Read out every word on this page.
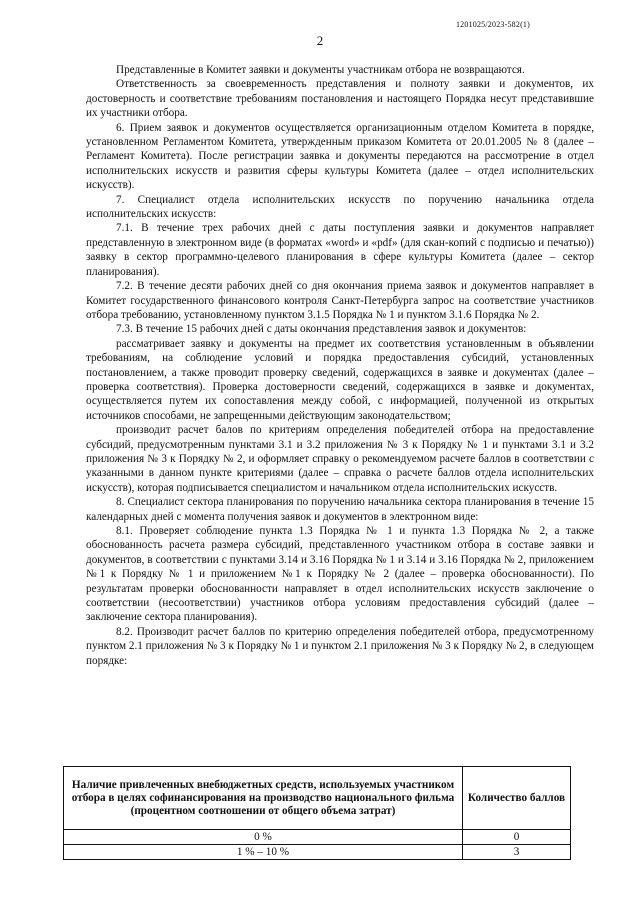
1201025/2023-582(1)
2

Представленные в Комитет заявки и документы участникам отбора не возвращаются.

Ответственность за своевременность представления и полноту заявки и документов, их достоверность и соответствие требованиям постановления и настоящего Порядка несут представившие их участники отбора.

6. Прием заявок и документов осуществляется организационным отделом Комитета в порядке, установленном Регламентом Комитета, утвержденным приказом Комитета от 20.01.2005 № 8 (далее – Регламент Комитета). После регистрации заявка и документы передаются на рассмотрение в отдел исполнительских искусств и развития сферы культуры Комитета (далее – отдел исполнительских искусств).

7. Специалист отдела исполнительских искусств по поручению начальника отдела исполнительских искусств:

7.1. В течение трех рабочих дней с даты поступления заявки и документов направляет представленную в электронном виде (в форматах «word» и «pdf» (для скан-копий с подписью и печатью)) заявку в сектор программно-целевого планирования в сфере культуры Комитета (далее – сектор планирования).

7.2. В течение десяти рабочих дней со дня окончания приема заявок и документов направляет в Комитет государственного финансового контроля Санкт-Петербурга запрос на соответствие участников отбора требованию, установленному пунктом 3.1.5 Порядка № 1 и пунктом 3.1.6 Порядка № 2.

7.3. В течение 15 рабочих дней с даты окончания представления заявок и документов:

рассматривает заявку и документы на предмет их соответствия установленным в объявлении требованиям, на соблюдение условий и порядка предоставления субсидий, установленных постановлением, а также проводит проверку сведений, содержащихся в заявке и документах (далее – проверка соответствия). Проверка достоверности сведений, содержащихся в заявке и документах, осуществляется путем их сопоставления между собой, с информацией, полученной из открытых источников способами, не запрещенными действующим законодательством;

производит расчет балов по критериям определения победителей отбора на предоставление субсидий, предусмотренным пунктами 3.1 и 3.2 приложения № 3 к Порядку № 1 и пунктами 3.1 и 3.2 приложения № 3 к Порядку № 2, и оформляет справку о рекомендуемом расчете баллов в соответствии с указанными в данном пункте критериями (далее – справка о расчете баллов отдела исполнительских искусств), которая подписывается специалистом и начальником отдела исполнительских искусств.

8. Специалист сектора планирования по поручению начальника сектора планирования в течение 15 календарных дней с момента получения заявок и документов в электронном виде:

8.1. Проверяет соблюдение пункта 1.3 Порядка № 1 и пункта 1.3 Порядка № 2, а также обоснованность расчета размера субсидий, представленного участником отбора в составе заявки и документов, в соответствии с пунктами 3.14 и 3.16 Порядка № 1 и 3.14 и 3.16 Порядка № 2, приложением №1 к Порядку № 1 и приложением №1 к Порядку № 2 (далее – проверка обоснованности). По результатам проверки обоснованности направляет в отдел исполнительских искусств заключение о соответствии (несоответствии) участников отбора условиям предоставления субсидий (далее – заключение сектора планирования).

8.2. Производит расчет баллов по критерию определения победителей отбора, предусмотренному пунктом 2.1 приложения № 3 к Порядку № 1 и пунктом 2.1 приложения № 3 к Порядку № 2, в следующем порядке:

Наличие привлеченных внебюджетных средств, используемых участником отбора в целях софинансирования на производство национального фильма (процентном соотношении от общего объема затрат)	Количество баллов
0 %	0
1 % – 10 %	3
